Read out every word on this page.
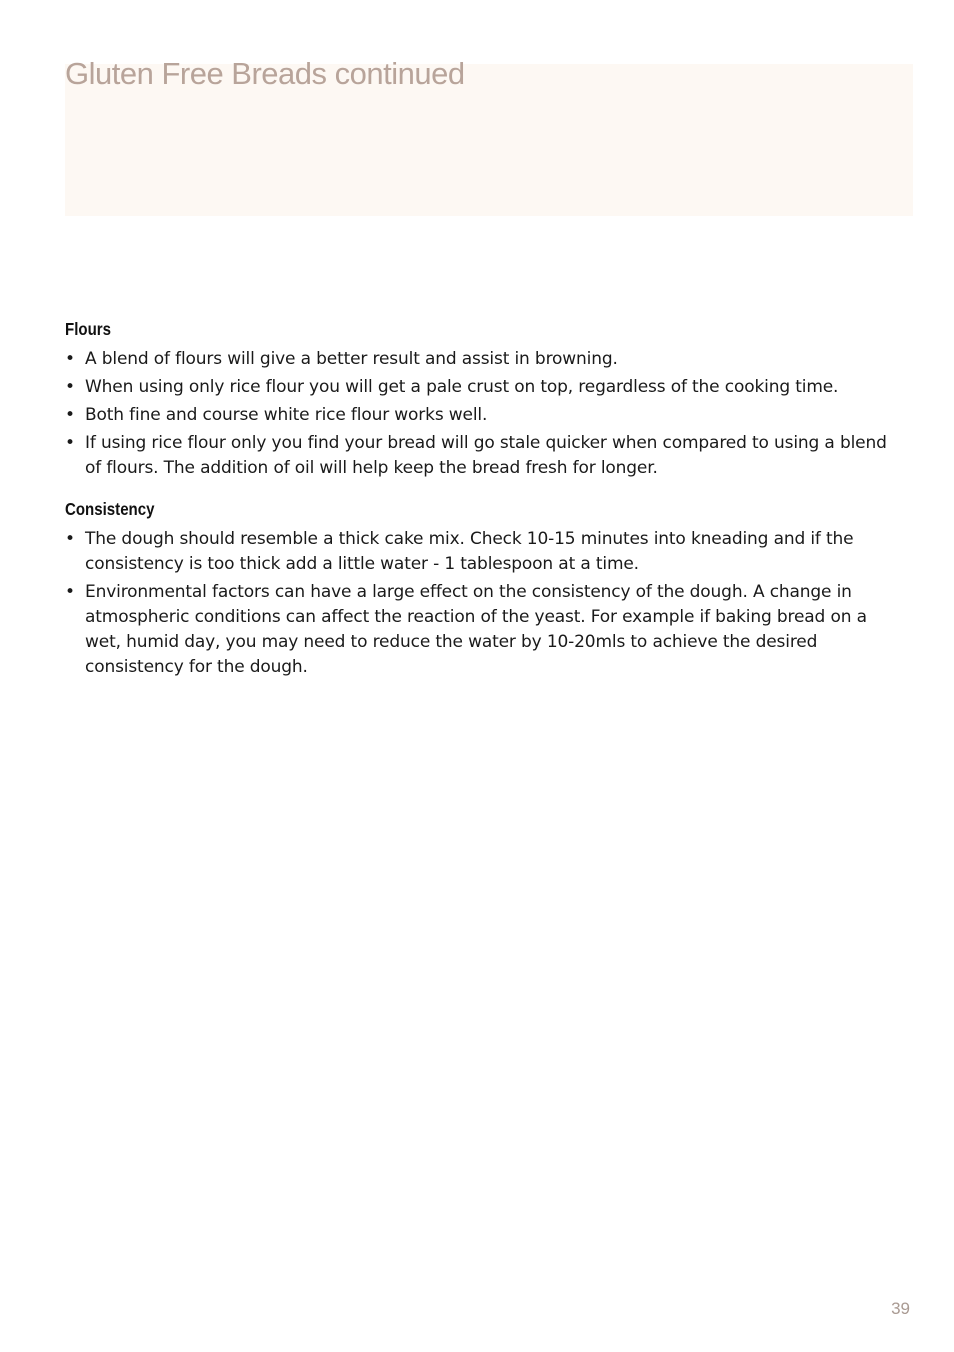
Gluten Free Breads continued
Flours
• A blend of flours will give a better result and assist in browning.
• When using only rice flour you will get a pale crust on top, regardless of the cooking time.
• Both fine and course white rice flour works well.
• If using rice flour only you find your bread will go stale quicker when compared to using a blend of flours. The addition of oil will help keep the bread fresh for longer.
Consistency
• The dough should resemble a thick cake mix. Check 10-15 minutes into kneading and if the consistency is too thick add a little water - 1 tablespoon at a time.
• Environmental factors can have a large effect on the consistency of the dough. A change in atmospheric conditions can affect the reaction of the yeast. For example if baking bread on a wet, humid day, you may need to reduce the water by 10-20mls to achieve the desired consistency for the dough.
39
